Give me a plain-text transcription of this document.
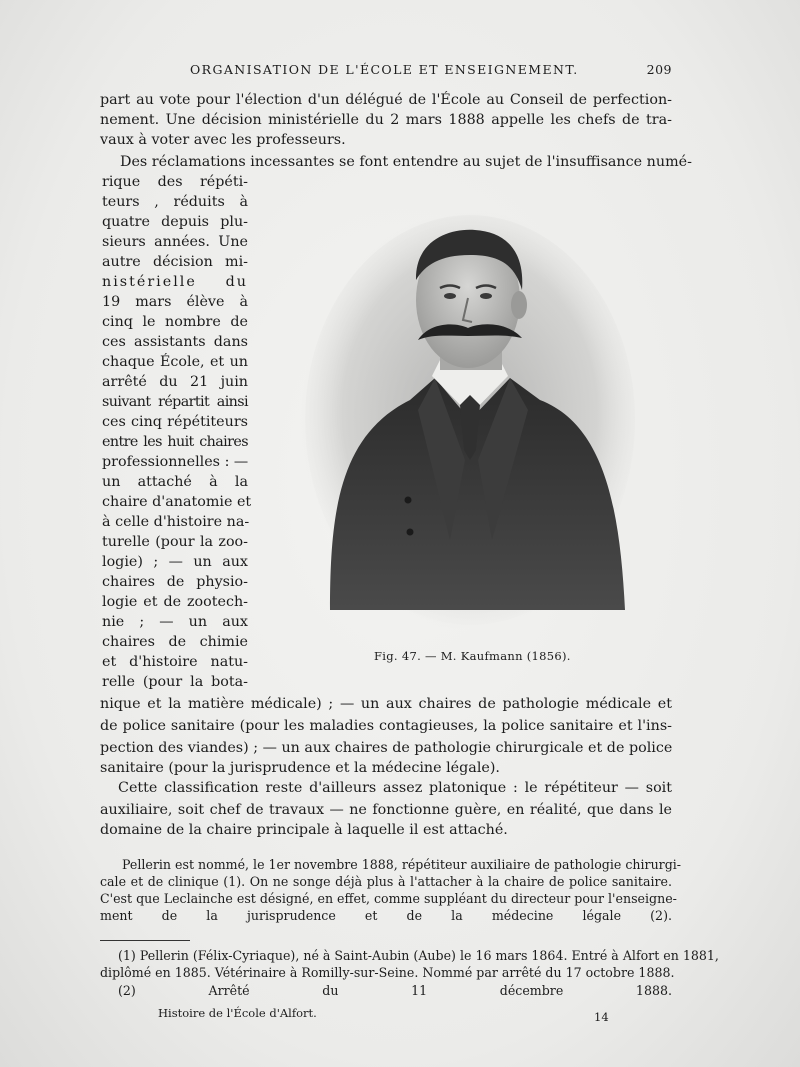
ORGANISATION DE L'ÉCOLE ET ENSEIGNEMENT.	209
part au vote pour l'élection d'un délégué de l'École au Conseil de perfection-
nement. Une décision ministérielle du 2 mars 1888 appelle les chefs de tra-
vaux à voter avec les professeurs.
Des réclamations incessantes se font entendre au sujet de l'insuffisance numé-
rique des répéti-
teurs , réduits à
quatre depuis plu-
sieurs années. Une
autre décision mi-
nistérielle du
19 mars élève à
cinq le nombre de
ces assistants dans
chaque École, et un
arrêté du 21 juin
suivant répartit ainsi
ces cinq répétiteurs
entre les huit chaires
professionnelles : —
un attaché à la
chaire d'anatomie et
à celle d'histoire na-
turelle (pour la zoo-
logie) ; — un aux
chaires de physio-
logie et de zootech-
nie ; — un aux
chaires de chimie
et d'histoire natu-
relle (pour la bota-
nique et la matière médicale) ; — un aux chaires de pathologie médicale et
de police sanitaire (pour les maladies contagieuses, la police sanitaire et l'ins-
pection des viandes) ; — un aux chaires de pathologie chirurgicale et de police
sanitaire (pour la jurisprudence et la médecine légale).
Cette classification reste d'ailleurs assez platonique : le répétiteur — soit
auxiliaire, soit chef de travaux — ne fonctionne guère, en réalité, que dans le
domaine de la chaire principale à laquelle il est attaché.
Fig. 47. — M. Kaufmann (1856).
Pellerin est nommé, le 1er novembre 1888, répétiteur auxiliaire de pathologie chirurgi-
cale et de clinique (1). On ne songe déjà plus à l'attacher à la chaire de police sanitaire.
C'est que Leclainche est désigné, en effet, comme suppléant du directeur pour l'enseigne-
ment de la jurisprudence et de la médecine légale (2).
(1) Pellerin (Félix-Cyriaque), né à Saint-Aubin (Aube) le 16 mars 1864. Entré à Alfort en 1881,
diplômé en 1885. Vétérinaire à Romilly-sur-Seine. Nommé par arrêté du 17 octobre 1888.
(2) Arrêté du 11 décembre 1888.
Histoire de l'École d'Alfort.	14
